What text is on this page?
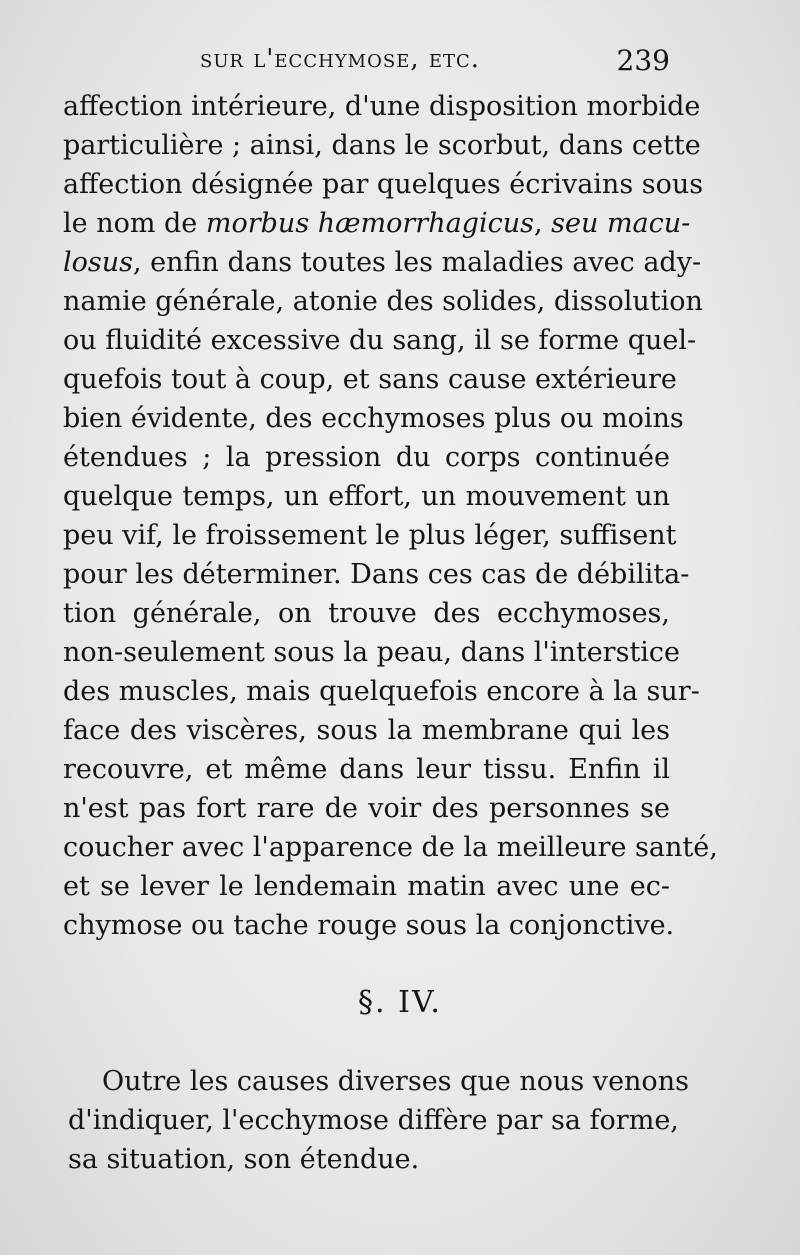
sur l'ecchymose, etc.	239
affection intérieure, d'une disposition morbide
particulière ; ainsi, dans le scorbut, dans cette
affection désignée par quelques écrivains sous
le nom de morbus hæmorrhagicus, seu macu-
losus, enfin dans toutes les maladies avec ady-
namie générale, atonie des solides, dissolution
ou fluidité excessive du sang, il se forme quel-
quefois tout à coup, et sans cause extérieure
bien évidente, des ecchymoses plus ou moins
étendues ; la pression du corps continuée
quelque temps, un effort, un mouvement un
peu vif, le froissement le plus léger, suffisent
pour les déterminer. Dans ces cas de débilita-
tion générale, on trouve des ecchymoses,
non-seulement sous la peau, dans l'interstice
des muscles, mais quelquefois encore à la sur-
face des viscères, sous la membrane qui les
recouvre, et même dans leur tissu. Enfin il
n'est pas fort rare de voir des personnes se
coucher avec l'apparence de la meilleure santé,
et se lever le lendemain matin avec une ec-
chymose ou tache rouge sous la conjonctive.
§. IV.
Outre les causes diverses que nous venons
d'indiquer, l'ecchymose diffère par sa forme,
sa situation, son étendue.
